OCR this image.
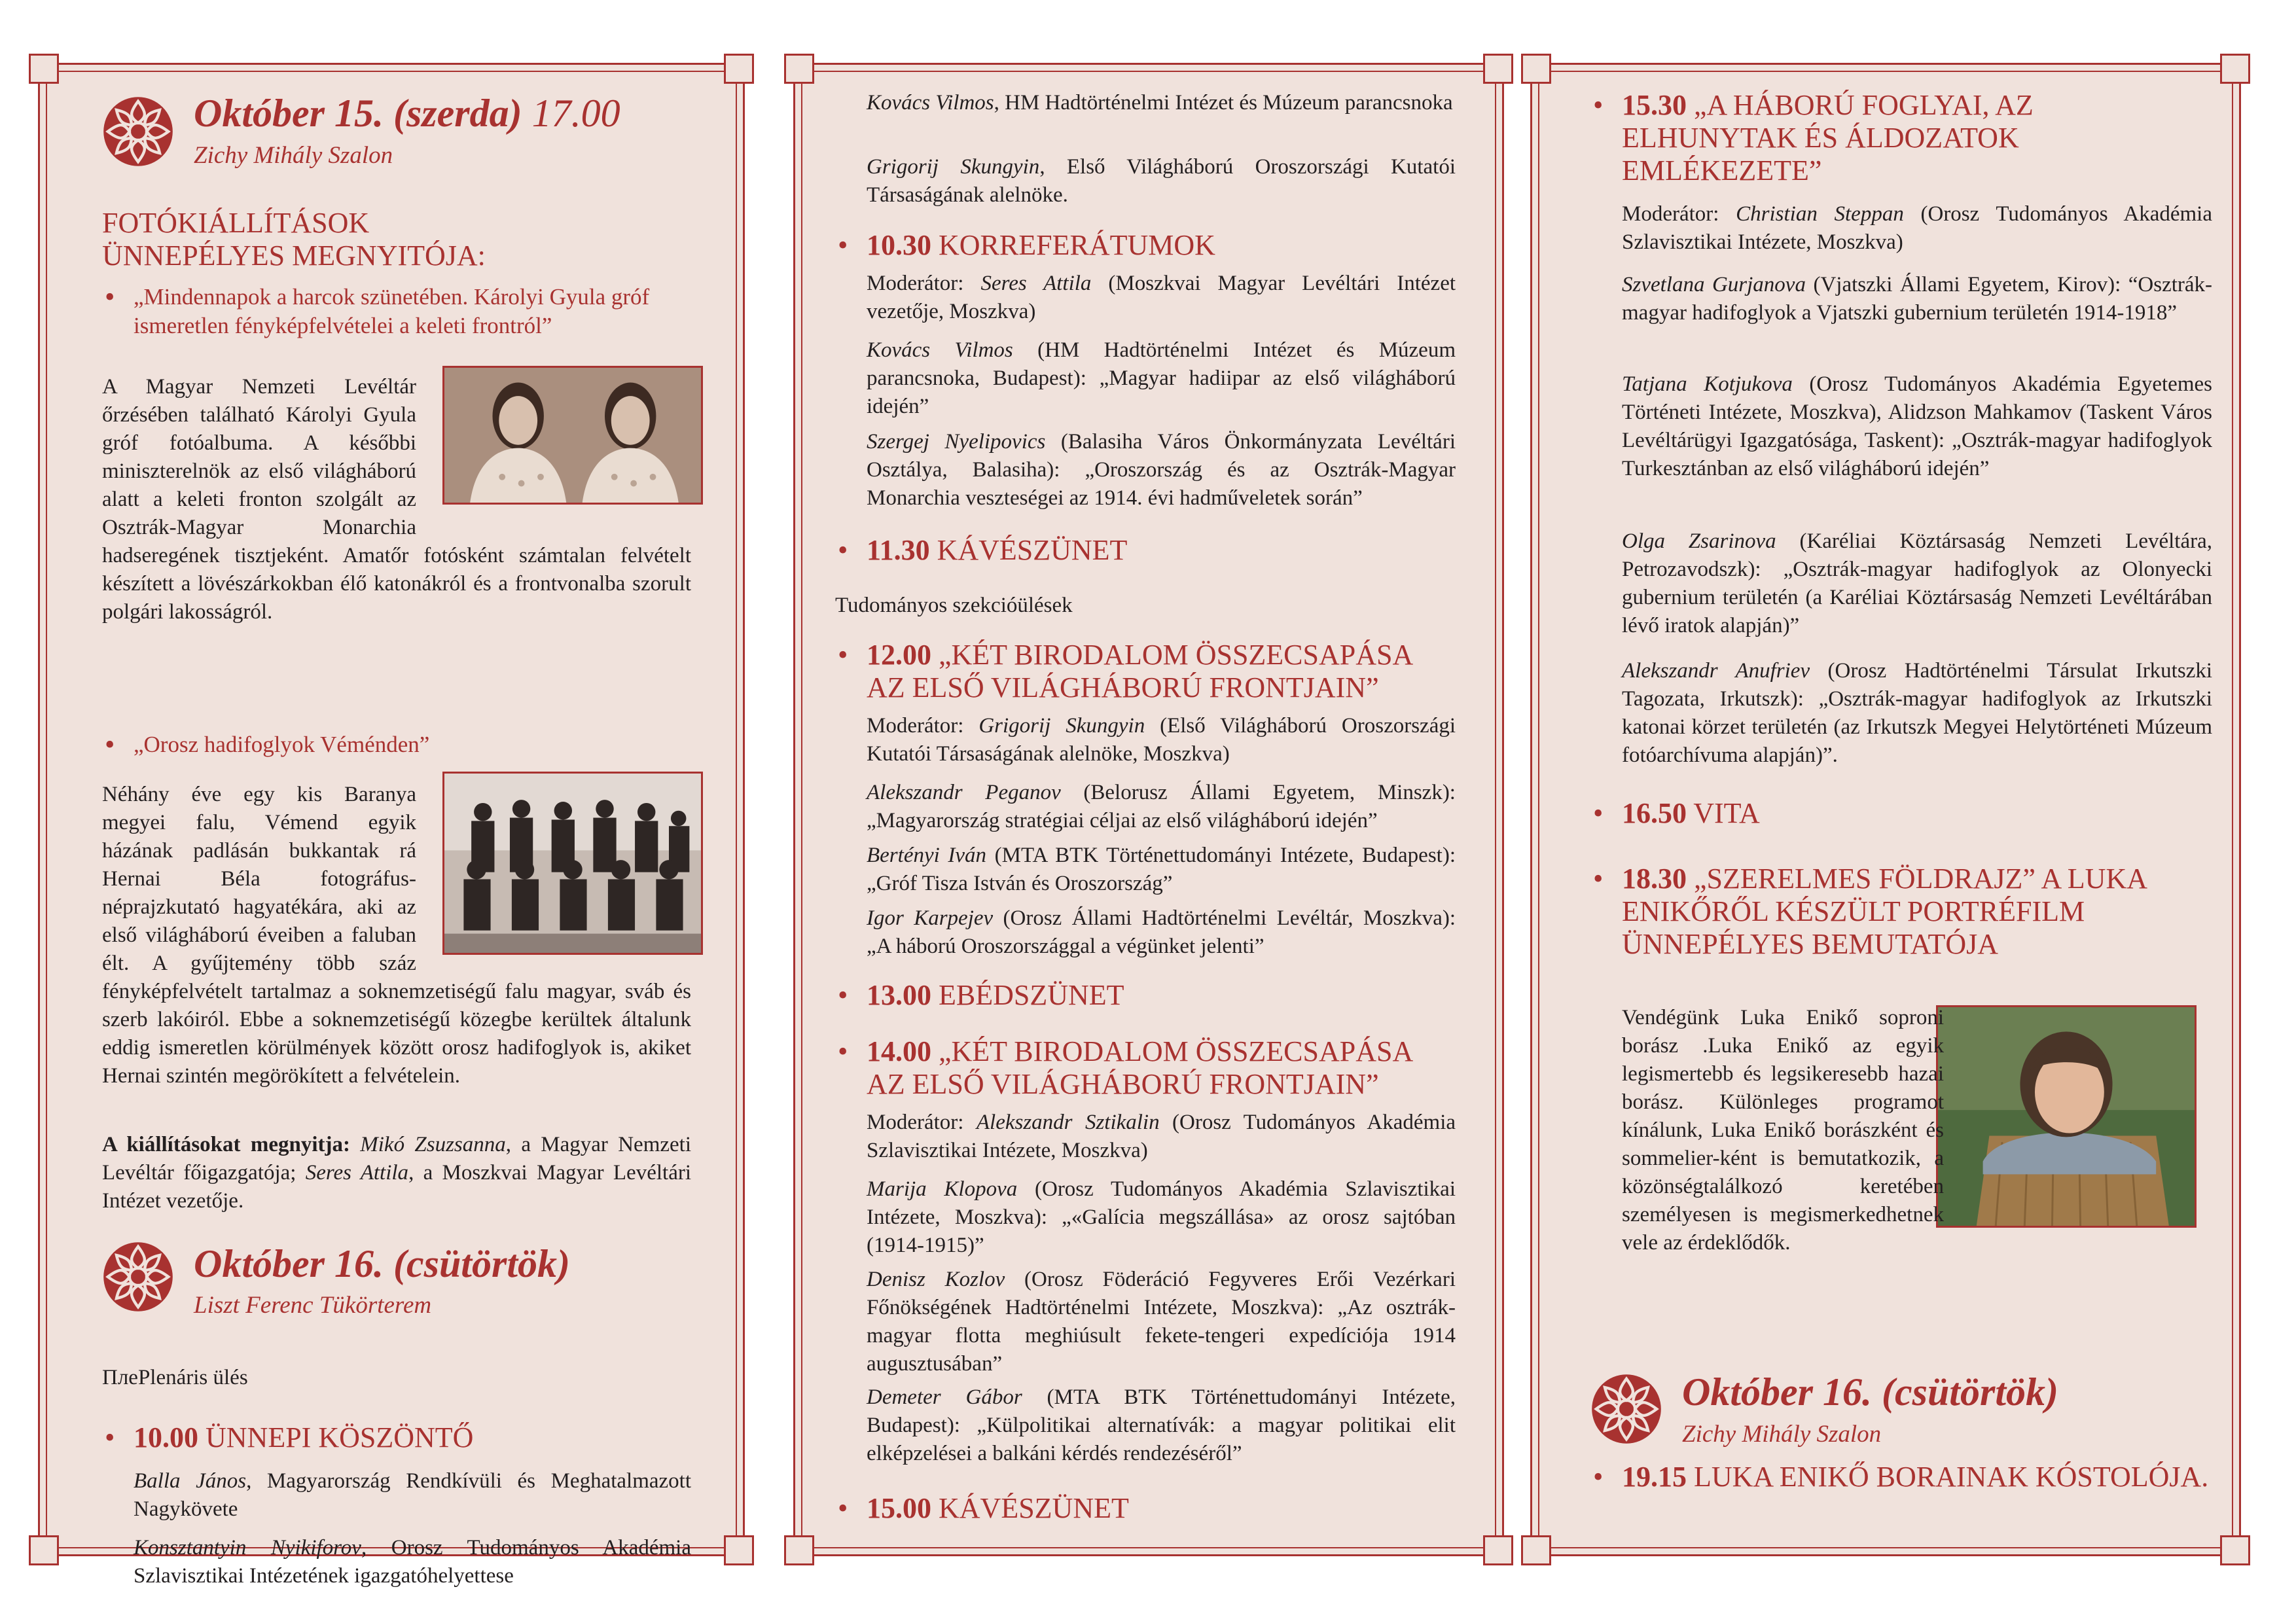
Október 15. (szerda) 17.00
Zichy Mihály Szalon
FOTÓKIÁLLÍTÁSOK
ÜNNEPÉLYES MEGNYITÓJA:
• „Mindennapok a harcok szünetében. Károlyi Gyula gróf
ismeretlen fényképfelvételei a keleti frontról”
A Magyar Nemzeti Levéltár őrzésében található Károlyi Gyula gróf fotóalbuma. A későbbi miniszterelnök az első világháború alatt a keleti fronton szolgált az Osztrák-Magyar Monarchia hadseregének tisztjeként. Amatőr fotósként számtalan felvételt készített a lövészárkokban élő katonákról és a frontvonalba szorult polgári lakosságról.
• „Orosz hadifoglyok Véménden”
Néhány éve egy kis Baranya megyei falu, Vémend egyik házának padlásán bukkantak rá Hernai Béla fotográfus-néprajzkutató hagyatékára, aki az első világháború éveiben a faluban élt. A gyűjtemény több száz fényképfelvételt tartalmaz a soknemzetiségű falu magyar, sváb és szerb lakóiról. Ebbe a soknemzetiségű közegbe kerültek általunk eddig ismeretlen körülmények között orosz hadifoglyok is, akiket Hernai szintén megörökített a felvételein.
A kiállításokat megnyitja: Mikó Zsuzsanna, a Magyar Nemzeti Levéltár főigazgatója; Seres Attila, a Moszkvai Magyar Levéltári Intézet vezetője.
Október 16. (csütörtök)
Liszt Ferenc Tükörterem
ПлеPlenáris ülés
• 10.00 ÜNNEPI KÖSZÖNTŐ
Balla János, Magyarország Rendkívüli és Meghatalmazott Nagykövete
Konsztantyin Nyikiforov, Orosz Tudományos Akadémia Szlavisztikai Intézetének igazgatóhelyettese
Kovács Vilmos, HM Hadtörténelmi Intézet és Múzeum parancsnoka
Grigorij Skungyin, Első Világháború Oroszországi Kutatói Társaságának alelnöke.
• 10.30 KORREFERÁTUMOK
Moderátor: Seres Attila (Moszkvai Magyar Levéltári Intézet vezetője, Moszkva)
Kovács Vilmos (HM Hadtörténelmi Intézet és Múzeum parancsnoka, Budapest): „Magyar hadiipar az első világháború idején”
Szergej Nyelipovics (Balasiha Város Önkormányzata Levéltári Osztálya, Balasiha): „Oroszország és az Osztrák-Magyar Monarchia veszteségei az 1914. évi hadműveletek során”
• 11.30 KÁVÉSZÜNET
Tudományos szekcióülések
• 12.00 „KÉT BIRODALOM ÖSSZECSAPÁSA AZ ELSŐ VILÁGHÁBORÚ FRONTJAIN”
Moderátor: Grigorij Skungyin (Első Világháború Oroszországi Kutatói Társaságának alelnöke, Moszkva)
Alekszandr Peganov (Belorusz Állami Egyetem, Minszk): „Magyarország stratégiai céljai az első világháború idején”
Bertényi Iván (MTA BTK Történettudományi Intézete, Budapest): „Gróf Tisza István és Oroszország”
Igor Karpejev (Orosz Állami Hadtörténelmi Levéltár, Moszkva): „A háború Oroszországgal a végünket jelenti”
• 13.00 EBÉDSZÜNET
• 14.00 „KÉT BIRODALOM ÖSSZECSAPÁSA AZ ELSŐ VILÁGHÁBORÚ FRONTJAIN”
Moderátor: Alekszandr Sztikalin (Orosz Tudományos Akadémia Szlavisztikai Intézete, Moszkva)
Marija Klopova (Orosz Tudományos Akadémia Szlavisztikai Intézete, Moszkva): „«Galícia megszállása» az orosz sajtóban (1914-1915)”
Denisz Kozlov (Orosz Föderáció Fegyveres Erői Vezérkari Főnökségének Hadtörténelmi Intézete, Moszkva): „Az osztrák-magyar flotta meghiúsult fekete-tengeri expedíciója 1914 augusztusában”
Demeter Gábor (MTA BTK Történettudományi Intézete, Budapest): „Külpolitikai alternatívák: a magyar politikai elit elképzelései a balkáni kérdés rendezéséről”
• 15.00 KÁVÉSZÜNET
• 15.30 „A HÁBORÚ FOGLYAI, AZ ELHUNYTAK ÉS ÁLDOZATOK EMLÉKEZETE”
Moderátor: Christian Steppan (Orosz Tudományos Akadémia Szlavisztikai Intézete, Moszkva)
Szvetlana Gurjanova (Vjatszki Állami Egyetem, Kirov): “Osztrák-magyar hadifoglyok a Vjatszki gubernium területén 1914-1918”
Tatjana Kotjukova (Orosz Tudományos Akadémia Egyetemes Történeti Intézete, Moszkva), Alidzson Mahkamov (Taskent Város Levéltárügyi Igazgatósága, Taskent): „Osztrák-magyar hadifoglyok Turkesztánban az első világháború idején”
Olga Zsarinova (Karéliai Köztársaság Nemzeti Levéltára, Petrozavodszk): „Osztrák-magyar hadifoglyok az Olonyecki gubernium területén (a Karéliai Köztársaság Nemzeti Levéltárában lévő iratok alapján)”
Alekszandr Anufriev (Orosz Hadtörténelmi Társulat Irkutszki Tagozata, Irkutszk): „Osztrák-magyar hadifoglyok az Irkutszki katonai körzet területén (az Irkutszk Megyei Helytörténeti Múzeum fotóarchívuma alapján)”.
• 16.50 VITA
• 18.30 „SZERELMES FÖLDRAJZ” A LUKA ENIKŐRŐL KÉSZÜLT PORTRÉFILM ÜNNEPÉLYES BEMUTATÓJA
Vendégünk Luka Enikő soproni borász .Luka Enikő az egyik legismertebb és legsikeresebb hazai borász. Különleges programot kínálunk, Luka Enikő borászként és sommelier-ként is bemutatkozik, a közönségtalálkozó keretében személyesen is megismerkedhetnek vele az érdeklődők.
Október 16. (csütörtök)
Zichy Mihály Szalon
• 19.15 LUKA ENIKŐ BORAINAK KÓSTOLÓJA.
